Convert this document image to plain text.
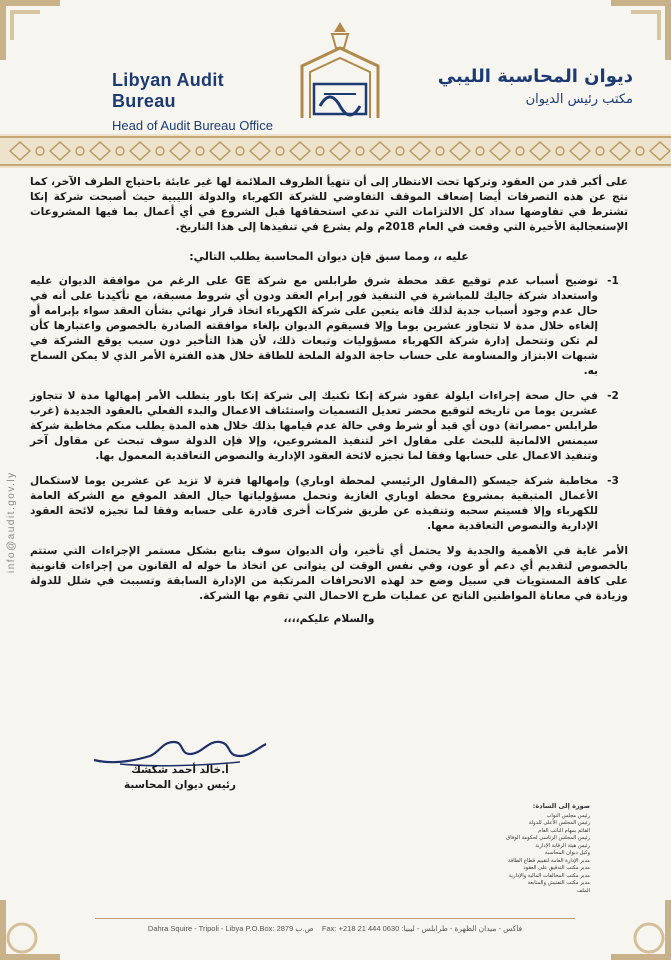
Libyan Audit Bureau
Head of Audit Bureau Office
ديوان المحاسبة الليبي
مكتب رئيس الديوان
info@audit.gov.ly

على أكبر قدر من العقود وتركها تحت الانتظار إلى أن تتهيأ الظروف الملائمة لها غير عابئة باحتياج الطرف الآخر، كما نتج عن هذه التصرفات أيضا إضعاف الموقف التفاوضي للشركة الكهرباء والدولة الليبية حيث أصبحت شركة إنكا تشترط في تفاوضها سداد كل الالتزامات التي تدعي استحقاقها قبل الشروع في أي أعمال بما فيها المشروعات الإستعجالية الأخيرة التي وقعت في العام 2018م ولم يشرع في تنفيذها إلى هذا التاريخ.

عليه ،، ومما سبق فإن ديوان المحاسبة يطلب التالي:
1-
توضيح أسباب عدم توقيع عقد محطة شرق طرابلس مع شركة GE على الرغم من موافقة الديوان عليه واستعداد شركة جاليك للمباشرة في التنفيذ فور إبرام العقد ودون أي شروط مسبقة، مع تأكيدنا على أنه في حال عدم وجود أسباب جدية لذلك فانه يتعين على شركة الكهرباء اتخاذ قرار نهائي بشأن العقد سواء بإبرامه أو إلغاءه خلال مدة لا تتجاوز عشرين يوما وإلا فسيقوم الديوان بإلغاء موافقته الصادرة بالخصوص واعتبارها كأن لم تكن وتتحمل إدارة شركة الكهرباء مسؤوليات وتبعات ذلك، لأن هذا التأخير دون سبب يوقع الشركة في شبهات الابتزاز والمساومة على حساب حاجة الدولة الملحة للطاقة خلال هذه الفترة الأمر الذي لا يمكن السماح به.
2-
في حال صحة إجراءات ايلولة عقود شركة إنكا تكنيك إلى شركة إنكا باور يتطلب الأمر إمهالها مدة لا تتجاوز عشرين يوما من تاريخه لتوقيع محضر تعديل التسميات واستئناف الاعمال والبدء الفعلي بالعقود الجديدة (غرب طرابلس -مصراتة) دون أي قيد أو شرط وفي حالة عدم قيامها بذلك خلال هذه المدة يطلب منكم مخاطبة شركة سيمنس الالمانية للبحث على مقاول اخر لتنفيذ المشروعين، وإلا فإن الدولة سوف تبحث عن مقاول آخر وتنفيذ الاعمال على حسابها وفقا لما تجيزه لائحة العقود الإدارية والنصوص التعاقدية المعمول بها.
3-
مخاطبة شركة جيسكو (المقاول الرئيسي لمحطة اوباري) وإمهالها فترة لا تزيد عن عشرين يوما لاستكمال الأعمال المتبقية بمشروع محطة اوباري الغازية وتحمل مسؤولياتها حيال العقد الموقع مع الشركة العامة للكهرباء وإلا فسيتم سحبه وتنفيذه عن طريق شركات أخرى قادرة على حسابه وفقا لما تجيزه لائحة العقود الإدارية والنصوص التعاقدية معها.

الأمر غاية في الأهمية والجدية ولا يحتمل أي تأخير، وأن الديوان سوف يتابع بشكل مستمر الإجراءات التي ستتم بالخصوص لتقديم أي دعم أو عون، وفي نفس الوقت لن يتوانى عن اتخاذ ما خوله له القانون من إجراءات قانونية على كافة المستويات في سبيل وضع حد لهذه الانحرافات المرتكبة من الإدارة السابقة وتسببت في شلل للدولة وزيادة في معاناة المواطنين الناتج عن عمليات طرح الاحمال التي تقوم بها الشركة.

والسلام عليكم،،،،

أ.خالد أحمد شكشك
رئيس ديوان المحاسبة
صورة إلى السادة:
رئيس مجلس النواب
رئيس المجلس الأعلى للدولة
القائم بمهام النائب العام
رئيس المجلس الرئاسي لحكومة الوفاق
رئيس هيئة الرقابة الإدارية
وكيل ديوان المحاسبة
مدير الإدارة العامة لتقييم قطاع الطاقة
مدير مكتب التدقيق على العقود
مدير مكتب المخالفات المالية والإدارية
مدير مكتب التفتيش والمتابعة
الملف
Dahra Squire - Tripoli - Libya P.O.Box: 2879 ص.ب Fax: +218 21 444 0630 :فاكس - ميدان الظهرة - طرابلس - ليبيا
